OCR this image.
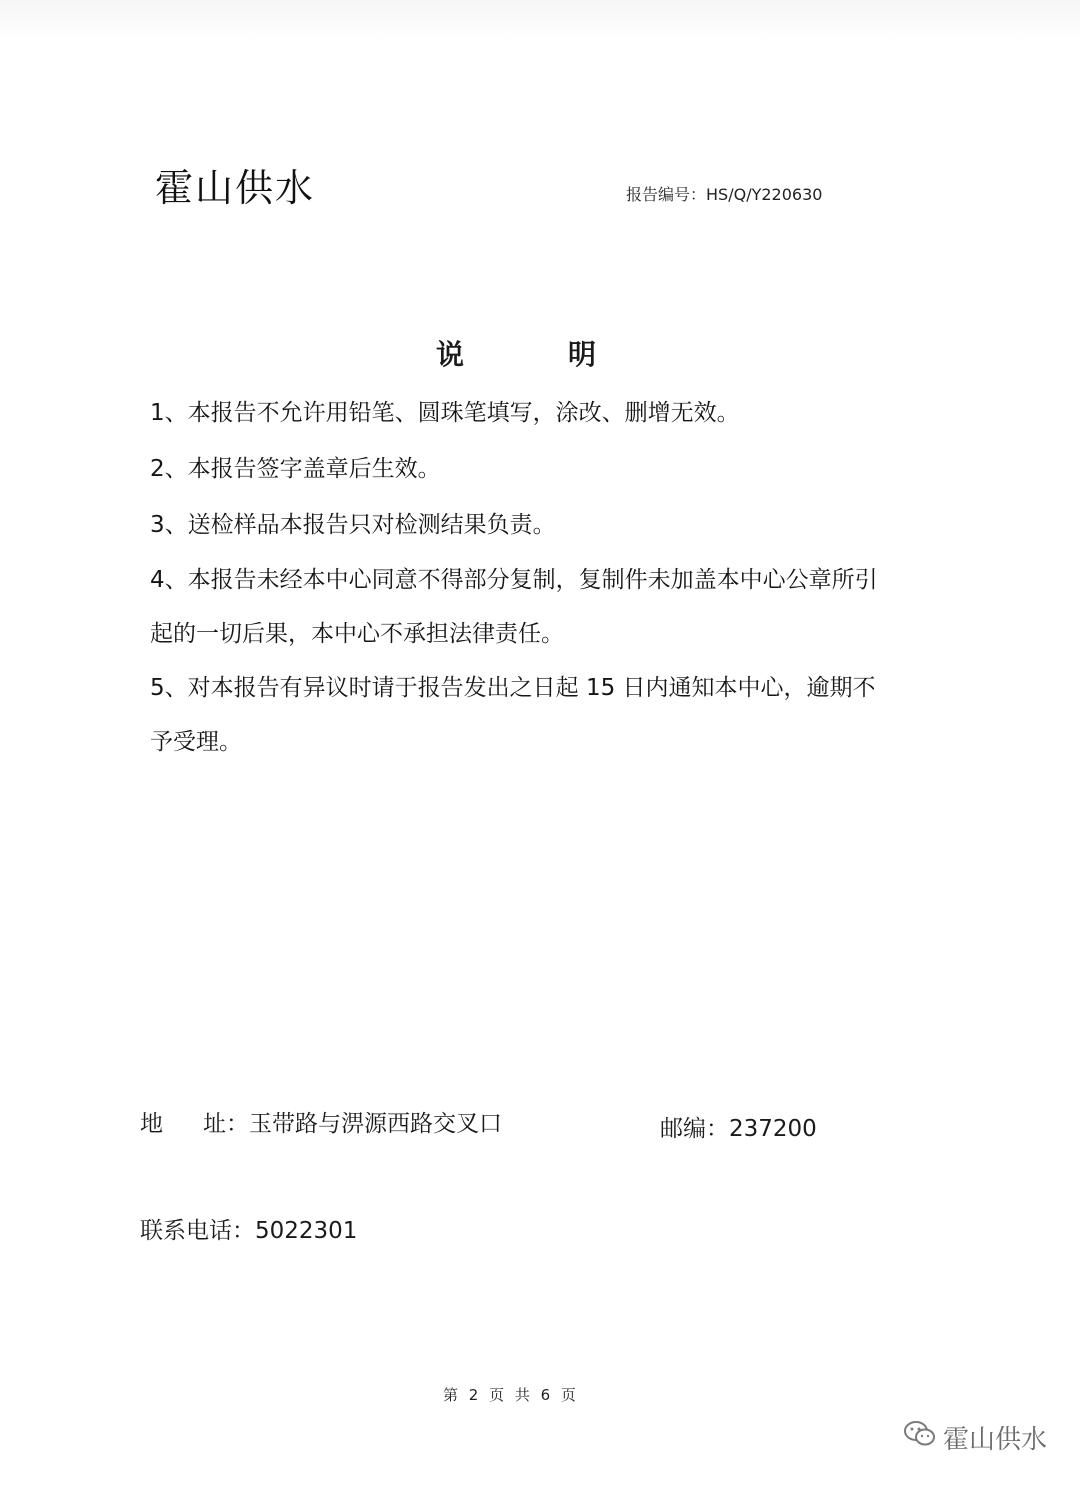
霍山供水	报告编号：HS/Q/Y220630
说	明

1、本报告不允许用铅笔、圆珠笔填写，涂改、删增无效。

2、本报告签字盖章后生效。

3、送检样品本报告只对检测结果负责。

4、本报告未经本中心同意不得部分复制，复制件未加盖本中心公章所引起的一切后果，本中心不承担法律责任。

5、对本报告有异议时请于报告发出之日起 15 日内通知本中心，逾期不予受理。

地 址：玉带路与淠源西路交叉口	邮编：237200
联系电话：5022301
第 2 页 共 6 页
霍山供水
